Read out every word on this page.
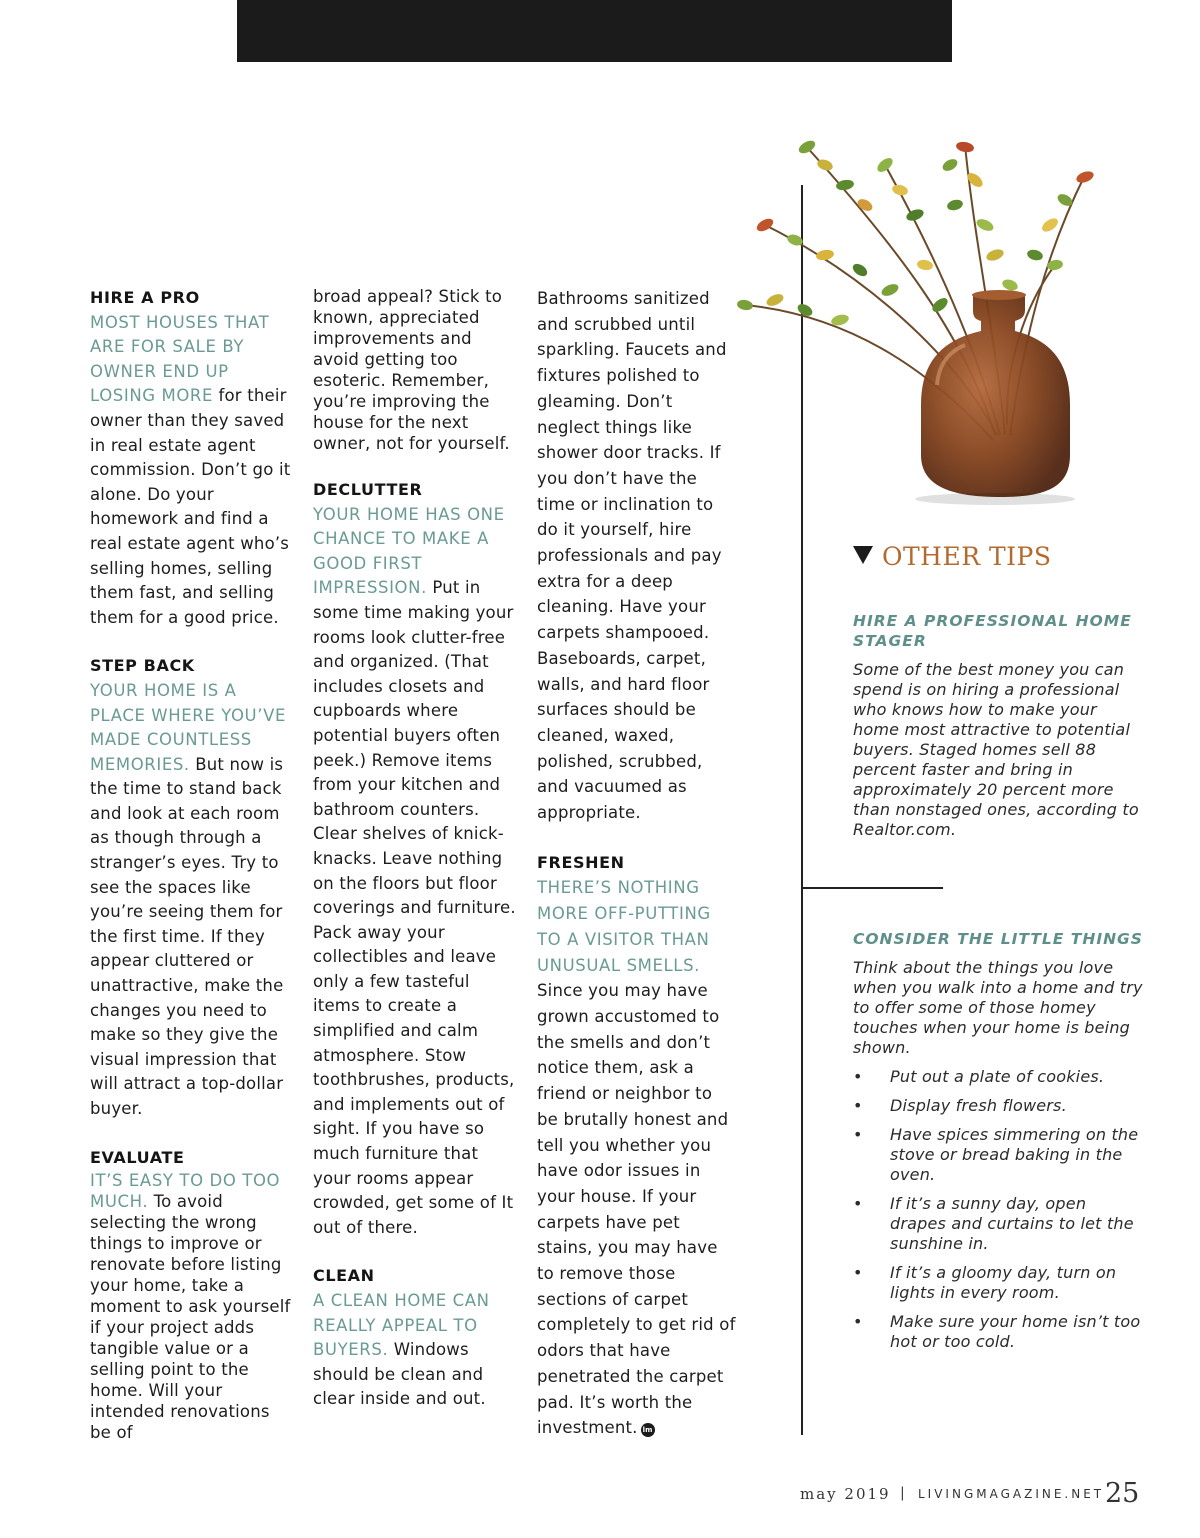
HIRE A PRO

MOST HOUSES THAT ARE FOR SALE BY OWNER END UP LOSING MORE for their owner than they saved in real estate agent commission. Don’t go it alone. Do your homework and find a real estate agent who’s selling homes, selling them fast, and selling them for a good price.

STEP BACK

YOUR HOME IS A PLACE WHERE YOU’VE MADE COUNTLESS MEMORIES. But now is the time to stand back and look at each room as though through a stranger’s eyes. Try to see the spaces like you’re seeing them for the first time. If they appear cluttered or unattractive, make the changes you need to make so they give the visual impression that will attract a top-dollar buyer.

EVALUATE

IT’S EASY TO DO TOO MUCH. To avoid selecting the wrong things to improve or renovate before listing your home, take a moment to ask yourself if your project adds tangible value or a selling point to the home. Will your intended renovations be of

broad appeal? Stick to known, appreciated improvements and avoid getting too esoteric. Remember, you’re improving the house for the next owner, not for yourself.

DECLUTTER

YOUR HOME HAS ONE CHANCE TO MAKE A GOOD FIRST IMPRESSION. Put in some time making your rooms look clutter-free and organized. (That includes closets and cupboards where potential buyers often peek.) Remove items from your kitchen and bathroom counters. Clear shelves of knick-knacks. Leave nothing on the floors but floor coverings and furniture. Pack away your collectibles and leave only a few tasteful items to create a simplified and calm atmosphere. Stow toothbrushes, products, and implements out of sight. If you have so much furniture that your rooms appear crowded, get some of It out of there.

CLEAN

A CLEAN HOME CAN REALLY APPEAL TO BUYERS. Windows should be clean and clear inside and out.

Bathrooms sanitized and scrubbed until sparkling. Faucets and fixtures polished to gleaming. Don’t neglect things like shower door tracks. If you don’t have the time or inclination to do it yourself, hire professionals and pay extra for a deep cleaning. Have your carpets shampooed. Baseboards, carpet, walls, and hard floor surfaces should be cleaned, waxed, polished, scrubbed, and vacuumed as appropriate.

FRESHEN

THERE’S NOTHING MORE OFF-PUTTING TO A VISITOR THAN UNUSUAL SMELLS. Since you may have grown accustomed to the smells and don’t notice them, ask a friend or neighbor to be brutally honest and tell you whether you have odor issues in your house. If your carpets have pet stains, you may have to remove those sections of carpet completely to get rid of odors that have penetrated the carpet pad. It’s worth the investment. lm

OTHER TIPS
HIRE A PROFESSIONAL HOME STAGER
Some of the best money you can spend is on hiring a professional who knows how to make your home most attractive to potential buyers. Staged homes sell 88 percent faster and bring in approximately 20 percent more than nonstaged ones, according to Realtor.com.
CONSIDER THE LITTLE THINGS
Think about the things you love when you walk into a home and try to offer some of those homey touches when your home is being shown.
• Put out a plate of cookies.
• Display fresh flowers.
• Have spices simmering on the stove or bread baking in the oven.
• If it’s a sunny day, open drapes and curtains to let the sunshine in.
• If it’s a gloomy day, turn on lights in every room.
• Make sure your home isn’t too hot or too cold.
may 2019 | LIVINGMAGAZINE.NET 25
